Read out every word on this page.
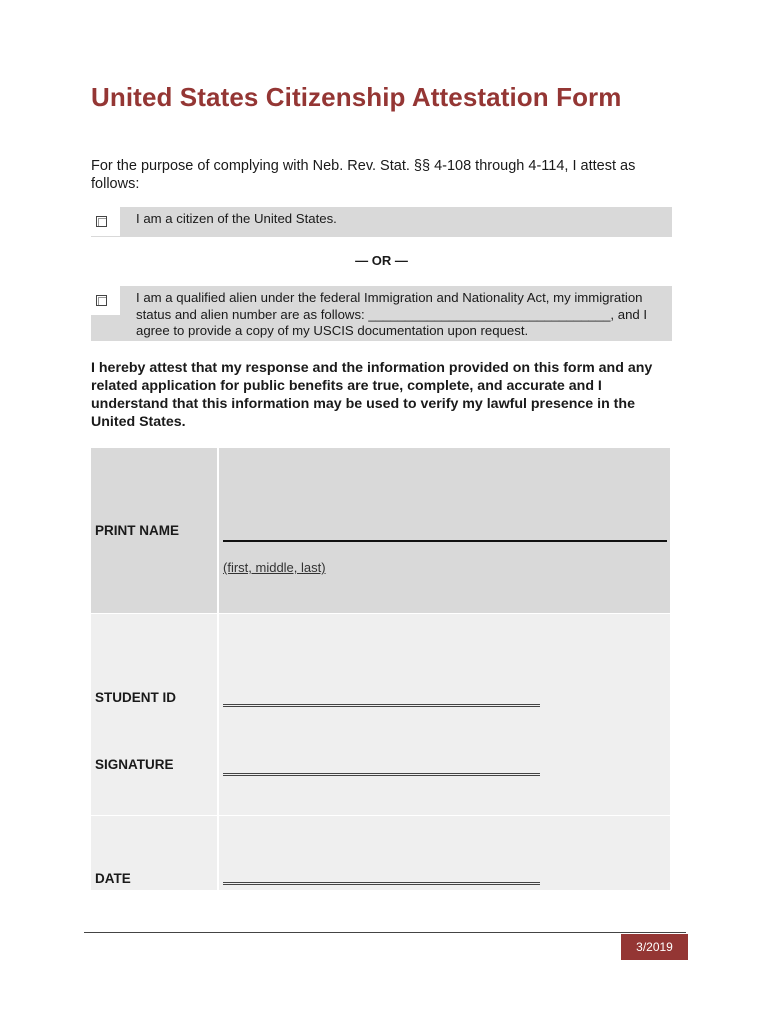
United States Citizenship Attestation Form
For the purpose of complying with Neb. Rev. Stat. §§ 4-108 through 4-114, I attest as follows:
I am a citizen of the United States.
— OR —
I am a qualified alien under the federal Immigration and Nationality Act, my immigration status and alien number are as follows: _________________________________, and I agree to provide a copy of my USCIS documentation upon request.
I hereby attest that my response and the information provided on this form and any related application for public benefits are true, complete, and accurate and I understand that this information may be used to verify my lawful presence in the United States.
PRINT NAME
(first, middle, last)
STUDENT ID
SIGNATURE
DATE
3/2019
